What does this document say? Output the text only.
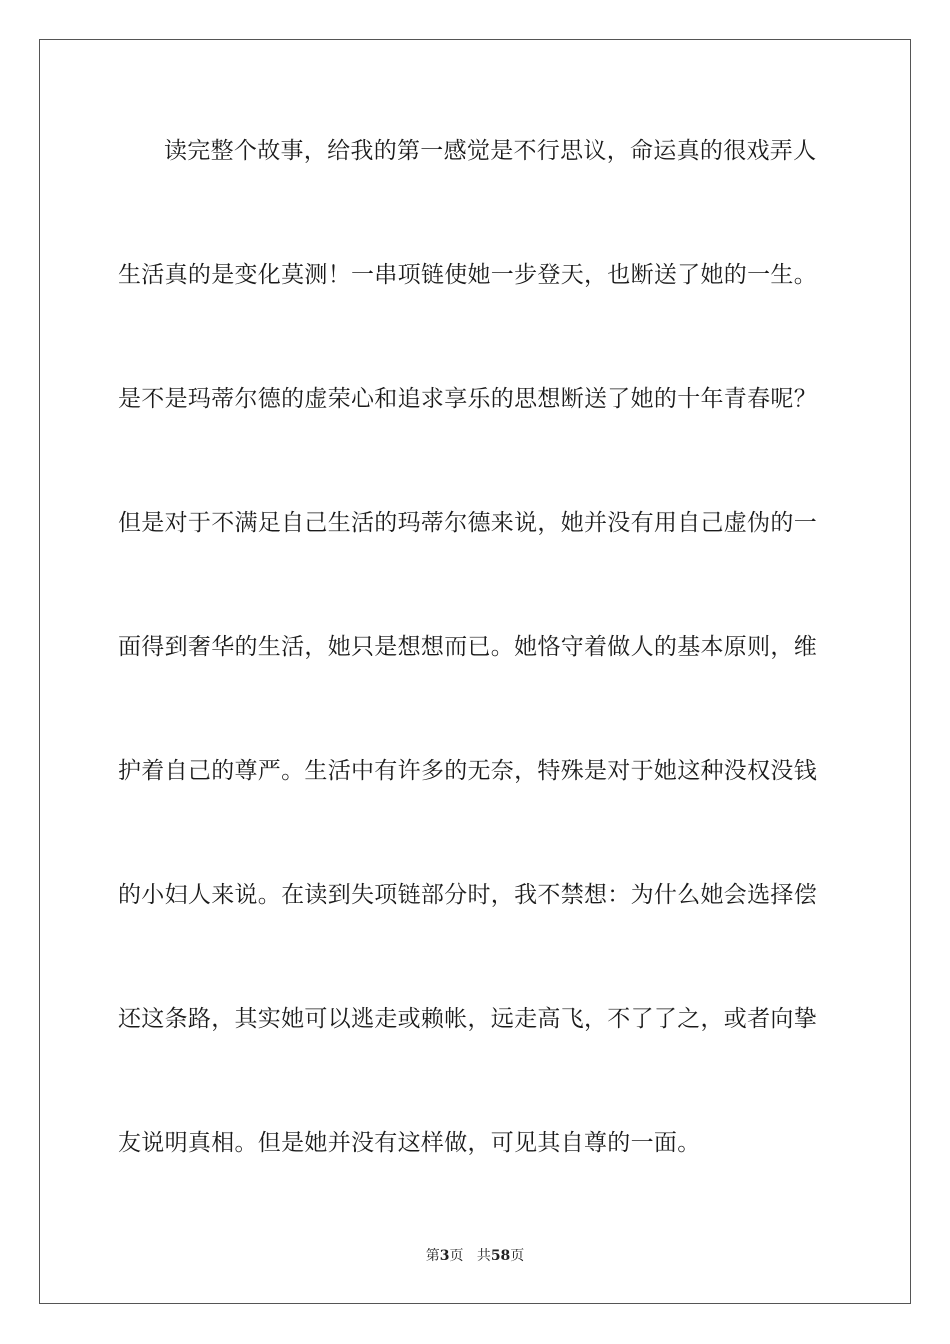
读完整个故事，给我的第一感觉是不行思议，命运真的很戏弄人
生活真的是变化莫测！一串项链使她一步登天，也断送了她的一生。
是不是玛蒂尔德的虚荣心和追求享乐的思想断送了她的十年青春呢？
但是对于不满足自己生活的玛蒂尔德来说，她并没有用自己虚伪的一
面得到奢华的生活，她只是想想而已。她恪守着做人的基本原则，维
护着自己的尊严。生活中有许多的无奈，特殊是对于她这种没权没钱
的小妇人来说。在读到失项链部分时，我不禁想：为什么她会选择偿
还这条路，其实她可以逃走或赖帐，远走高飞，不了了之，或者向挚
友说明真相。但是她并没有这样做，可见其自尊的一面。
第3页 共58页
